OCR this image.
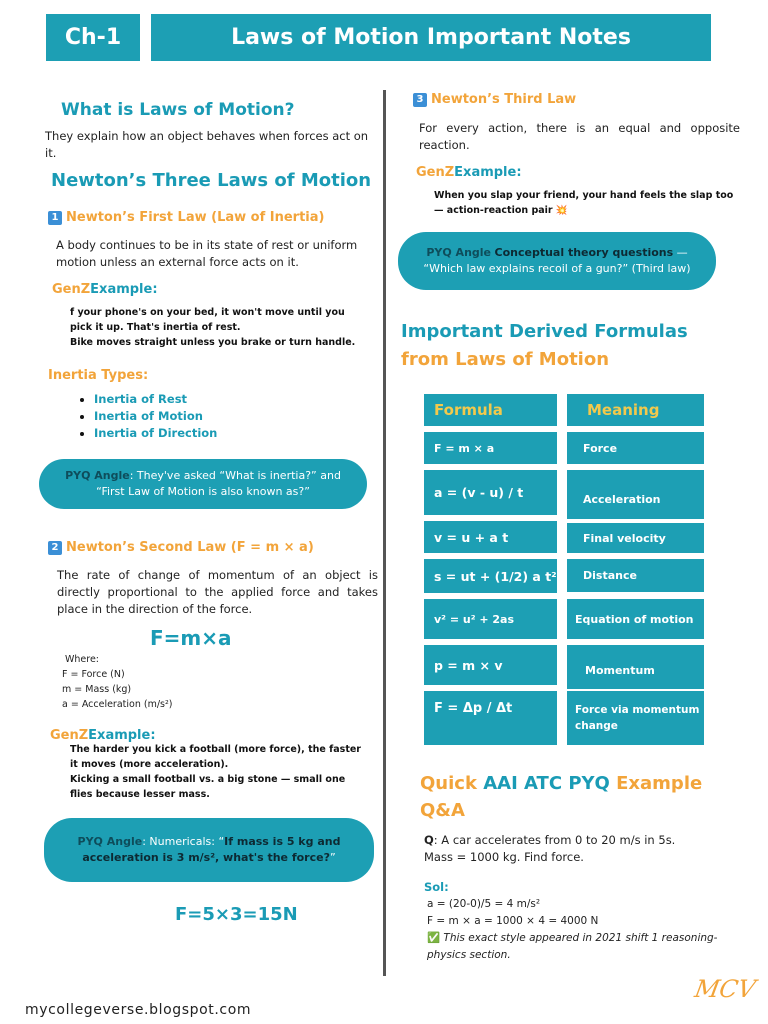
Ch-1	Laws of Motion Important Notes
What is Laws of Motion?
They explain how an object behaves when forces act on it.
Newton’s Three Laws of Motion
1 Newton’s First Law (Law of Inertia)
A body continues to be in its state of rest or uniform motion unless an external force acts on it.
GenZExample:
f your phone's on your bed, it won't move until you pick it up. That's inertia of rest.
Bike moves straight unless you brake or turn handle.
Inertia Types:
• Inertia of Rest
• Inertia of Motion
• Inertia of Direction
PYQ Angle: They've asked “What is inertia?” and
“First Law of Motion is also known as?”
2 Newton’s Second Law (F = m × a)
The rate of change of momentum of an object is directly proportional to the applied force and takes place in the direction of the force.
F=m×a
Where:
F = Force (N)
m = Mass (kg)
a = Acceleration (m/s²)
GenZExample:
The harder you kick a football (more force), the faster it moves (more acceleration).
Kicking a small football vs. a big stone — small one flies because lesser mass.
PYQ Angle: Numericals: “If mass is 5 kg and
acceleration is 3 m/s², what's the force?”
F=5×3=15N
3 Newton’s Third Law
For every action, there is an equal and opposite reaction.
GenZExample:
When you slap your friend, your hand feels the slap too
— action-reaction pair 💥
PYQ Angle Conceptual theory questions —
“Which law explains recoil of a gun?” (Third law)
Important Derived Formulas
from Laws of Motion
Formula	Meaning
F = m × a	Force
a = (v - u) / t	Acceleration
v = u + a t	Final velocity
s = ut + (1/2) a t²	Distance
v² = u² + 2as	Equation of motion
p = m × v	Momentum
F = Δp / Δt	Force via momentum change
Quick AAI ATC PYQ Example
Q&A
Q: A car accelerates from 0 to 20 m/s in 5s.
Mass = 1000 kg. Find force.
Sol:
a = (20-0)/5 = 4 m/s²
F = m × a = 1000 × 4 = 4000 N
✅ This exact style appeared in 2021 shift 1 reasoning-
physics section.
mycollegeverse.blogspot.com
MCV
